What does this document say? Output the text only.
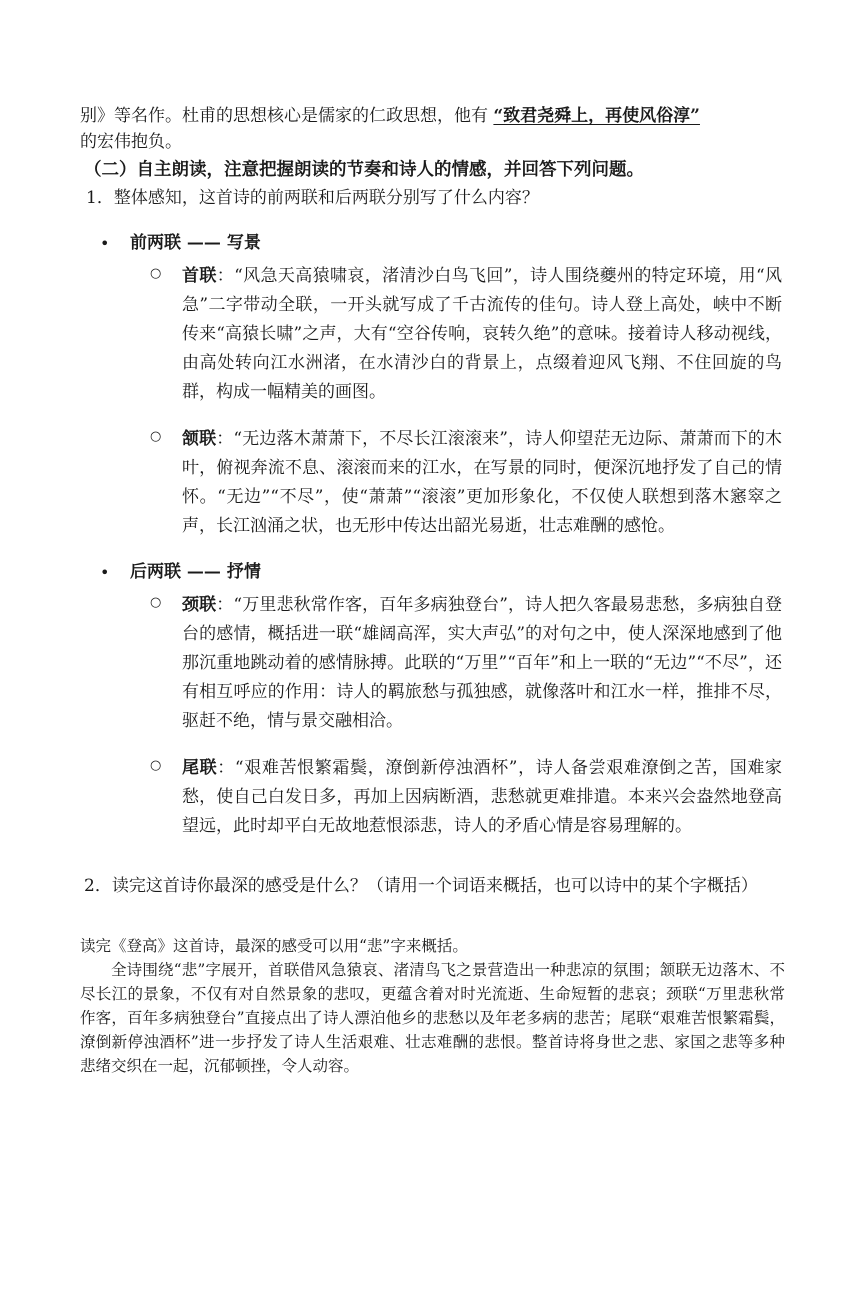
别》等名作。杜甫的思想核心是儒家的仁政思想，他有 “致君尧舜上，再使风俗淳”
的宏伟抱负。
（二）自主朗读，注意把握朗读的节奏和诗人的情感，并回答下列问题。
1．整体感知，这首诗的前两联和后两联分别写了什么内容？
• 前两联 —— 写景
○ 首联：“风急天高猿啸哀，渚清沙白鸟飞回”，诗人围绕夔州的特定环境，用“风急”二字带动全联，一开头就写成了千古流传的佳句。诗人登上高处，峡中不断传来“高猿长啸”之声，大有“空谷传响，哀转久绝”的意味。接着诗人移动视线，由高处转向江水洲渚，在水清沙白的背景上，点缀着迎风飞翔、不住回旋的鸟群，构成一幅精美的画图。
○ 颔联：“无边落木萧萧下，不尽长江滚滚来”，诗人仰望茫无边际、萧萧而下的木叶，俯视奔流不息、滚滚而来的江水，在写景的同时，便深沉地抒发了自己的情怀。“无边”“不尽”，使“萧萧”“滚滚”更加形象化，不仅使人联想到落木窸窣之声，长江汹涌之状，也无形中传达出韶光易逝，壮志难酬的感怆。
• 后两联 —— 抒情
○ 颈联：“万里悲秋常作客，百年多病独登台”，诗人把久客最易悲愁，多病独自登台的感情，概括进一联“雄阔高浑，实大声弘”的对句之中，使人深深地感到了他那沉重地跳动着的感情脉搏。此联的“万里”“百年”和上一联的“无边”“不尽”，还有相互呼应的作用：诗人的羁旅愁与孤独感，就像落叶和江水一样，推排不尽，驱赶不绝，情与景交融相洽。
○ 尾联：“艰难苦恨繁霜鬓，潦倒新停浊酒杯”，诗人备尝艰难潦倒之苦，国难家愁，使自己白发日多，再加上因病断酒，悲愁就更难排遣。本来兴会盎然地登高望远，此时却平白无故地惹恨添悲，诗人的矛盾心情是容易理解的。
2．读完这首诗你最深的感受是什么？（请用一个词语来概括，也可以诗中的某个字概括）
读完《登高》这首诗，最深的感受可以用“悲”字来概括。
全诗围绕“悲”字展开，首联借风急猿哀、渚清鸟飞之景营造出一种悲凉的氛围；颔联无边落木、不尽长江的景象，不仅有对自然景象的悲叹，更蕴含着对时光流逝、生命短暂的悲哀；颈联“万里悲秋常作客，百年多病独登台”直接点出了诗人漂泊他乡的悲愁以及年老多病的悲苦；尾联“艰难苦恨繁霜鬓，潦倒新停浊酒杯”进一步抒发了诗人生活艰难、壮志难酬的悲恨。整首诗将身世之悲、家国之悲等多种悲绪交织在一起，沉郁顿挫，令人动容。
